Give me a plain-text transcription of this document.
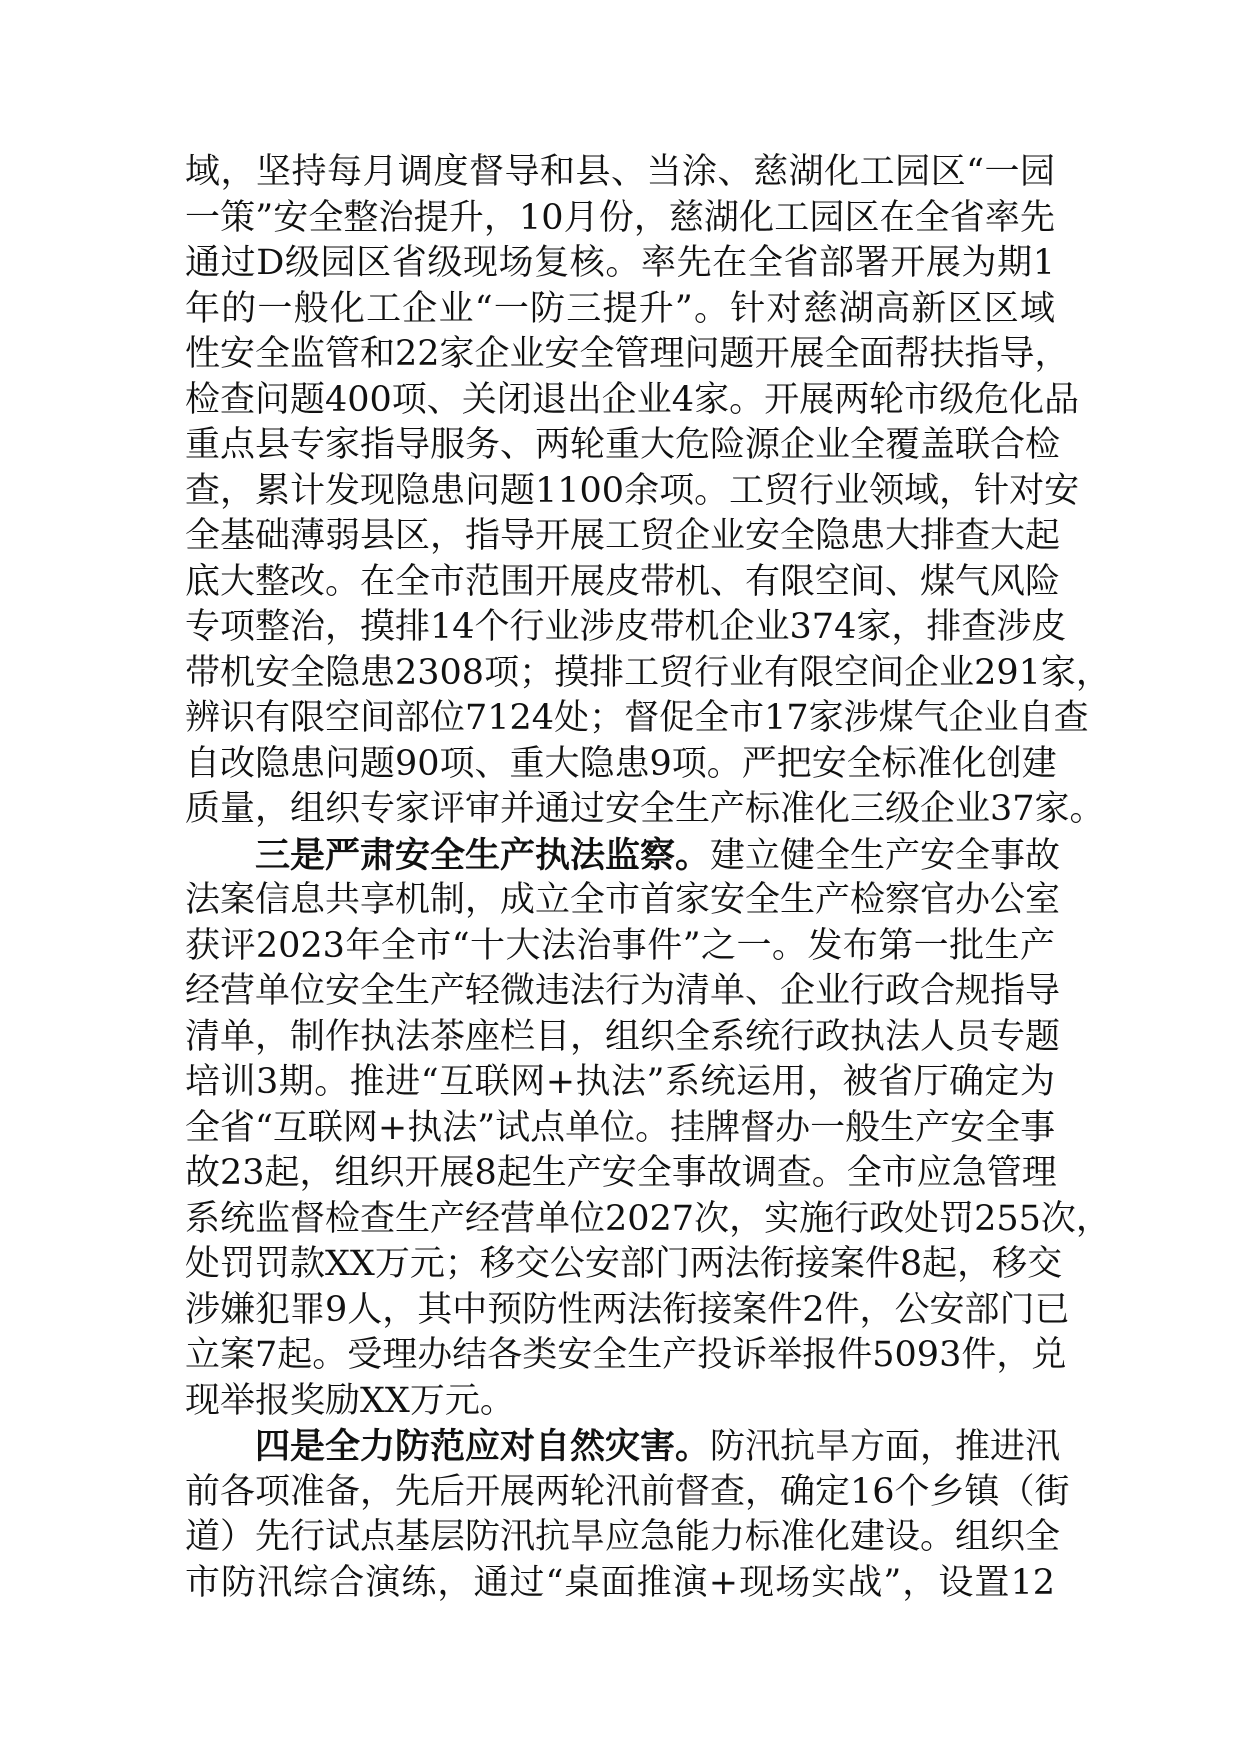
域，坚持每月调度督导和县、当涂、慈湖化工园区“一园
一策”安全整治提升，10月份，慈湖化工园区在全省率先
通过D级园区省级现场复核。率先在全省部署开展为期1
年的一般化工企业“一防三提升”。针对慈湖高新区区域
性安全监管和22家企业安全管理问题开展全面帮扶指导，
检查问题400项、关闭退出企业4家。开展两轮市级危化品
重点县专家指导服务、两轮重大危险源企业全覆盖联合检
查，累计发现隐患问题1100余项。工贸行业领域，针对安
全基础薄弱县区，指导开展工贸企业安全隐患大排查大起
底大整改。在全市范围开展皮带机、有限空间、煤气风险
专项整治，摸排14个行业涉皮带机企业374家，排查涉皮
带机安全隐患2308项；摸排工贸行业有限空间企业291家，
辨识有限空间部位7124处；督促全市17家涉煤气企业自查
自改隐患问题90项、重大隐患9项。严把安全标准化创建
质量，组织专家评审并通过安全生产标准化三级企业37家。
三是严肃安全生产执法监察。建立健全生产安全事故
法案信息共享机制，成立全市首家安全生产检察官办公室
获评2023年全市“十大法治事件”之一。发布第一批生产
经营单位安全生产轻微违法行为清单、企业行政合规指导
清单，制作执法茶座栏目，组织全系统行政执法人员专题
培训3期。推进“互联网+执法”系统运用，被省厅确定为
全省“互联网+执法”试点单位。挂牌督办一般生产安全事
故23起，组织开展8起生产安全事故调查。全市应急管理
系统监督检查生产经营单位2027次，实施行政处罚255次，
处罚罚款XX万元；移交公安部门两法衔接案件8起，移交
涉嫌犯罪9人，其中预防性两法衔接案件2件，公安部门已
立案7起。受理办结各类安全生产投诉举报件5093件，兑
现举报奖励XX万元。
四是全力防范应对自然灾害。防汛抗旱方面，推进汛
前各项准备，先后开展两轮汛前督查，确定16个乡镇（街
道）先行试点基层防汛抗旱应急能力标准化建设。组织全
市防汛综合演练，通过“桌面推演+现场实战”，设置12
